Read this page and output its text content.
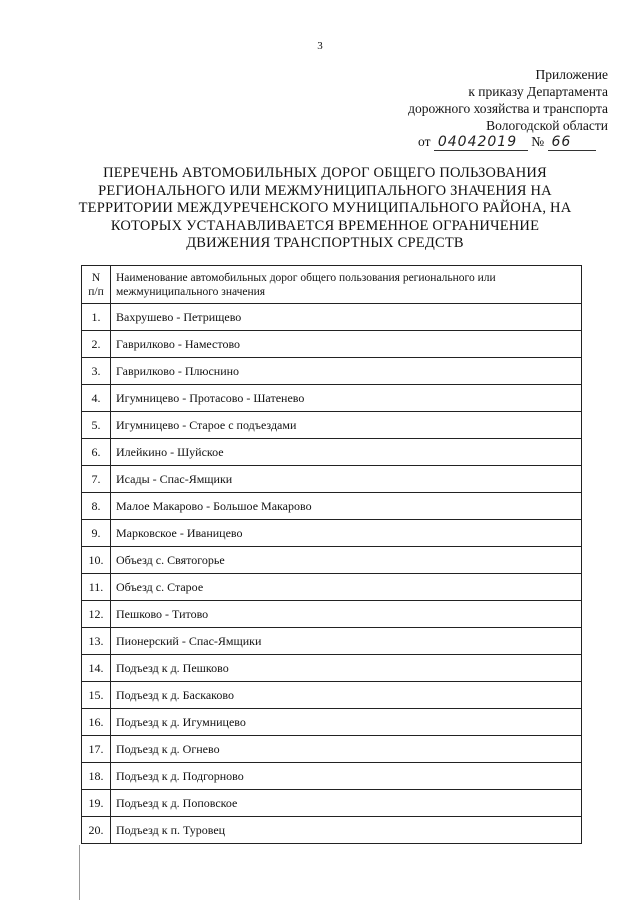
3
Приложение
к приказу Департамента
дорожного хозяйства и транспорта
Вологодской области
от 04042019 № 66
ПЕРЕЧЕНЬ АВТОМОБИЛЬНЫХ ДОРОГ ОБЩЕГО ПОЛЬЗОВАНИЯ
РЕГИОНАЛЬНОГО ИЛИ МЕЖМУНИЦИПАЛЬНОГО ЗНАЧЕНИЯ НА
ТЕРРИТОРИИ МЕЖДУРЕЧЕНСКОГО МУНИЦИПАЛЬНОГО РАЙОНА, НА
КОТОРЫХ УСТАНАВЛИВАЕТСЯ ВРЕМЕННОЕ ОГРАНИЧЕНИЕ
ДВИЖЕНИЯ ТРАНСПОРТНЫХ СРЕДСТВ
N
п/п	Наименование автомобильных дорог общего пользования регионального или
межмуниципального значения
1.	Вахрушево - Петрищево
2.	Гаврилково - Наместово
3.	Гаврилково - Плюснино
4.	Игумницево - Протасово - Шатенево
5.	Игумницево - Старое с подъездами
6.	Илейкино - Шуйское
7.	Исады - Спас-Ямщики
8.	Малое Макарово - Большое Макарово
9.	Марковское - Иваницево
10.	Объезд с. Святогорье
11.	Объезд с. Старое
12.	Пешково - Титово
13.	Пионерский - Спас-Ямщики
14.	Подъезд к д. Пешково
15.	Подъезд к д. Баскаково
16.	Подъезд к д. Игумницево
17.	Подъезд к д. Огнево
18.	Подъезд к д. Подгорново
19.	Подъезд к д. Поповское
20.	Подъезд к п. Туровец
